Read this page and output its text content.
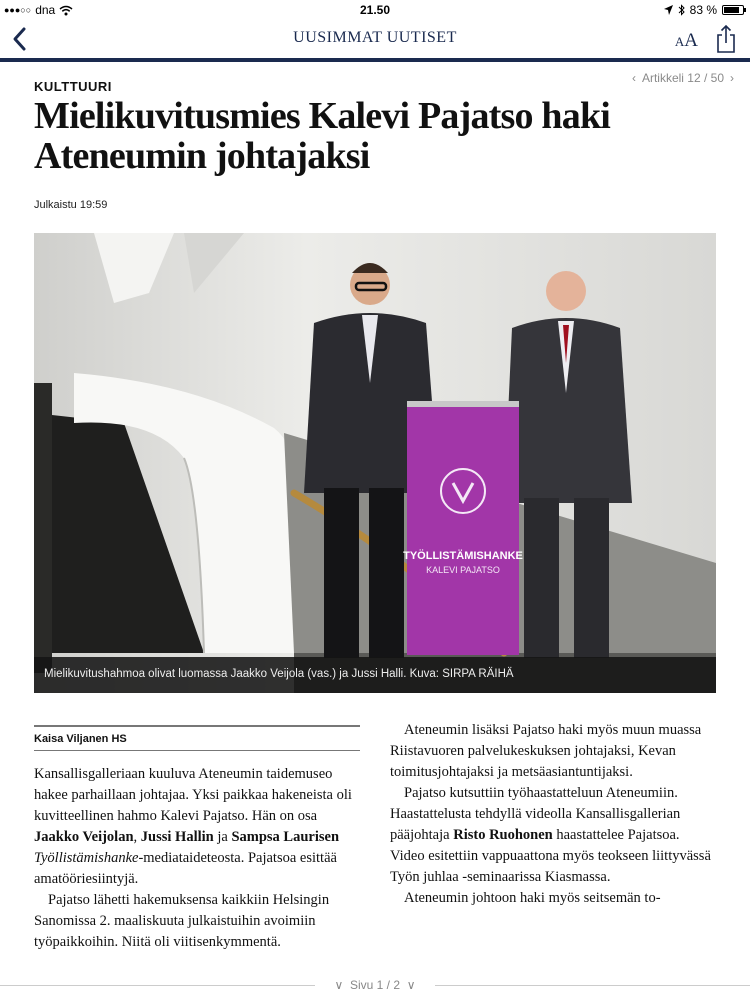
●●●○○ dna	21.50	83 %
UUSIMMAT UUTISET	AA
KULTTUURI
‹ Artikkeli 12 / 50 ›
Mielikuvitusmies Kalevi Pajatso haki Ateneumin johtajaksi
Julkaistu 19:59
TYÖLLISTÄMISHANKE
KALEVI PAJATSO
Mielikuvitushahmoa olivat luomassa Jaakko Veijola (vas.) ja Jussi Halli. Kuva: SIRPA RÄIHÄ
Kaisa Viljanen HS

Kansallisgalleriaan kuuluva Ateneumin taidemuseo hakee parhaillaan johtajaa. Yksi paikkaa hakeneista oli kuvitteellinen hahmo Kalevi Pajatso. Hän on osa Jaakko Veijolan, Jussi Hallin ja Sampsa Laurisen Työllistämishanke-mediataideteosta. Pajatsoa esittää amatööriesiintyjä.

Pajatso lähetti hakemuksensa kaikkiin Helsingin Sanomissa 2. maaliskuuta julkaistuihin avoimiin työpaikkoihin. Niitä oli viitisenkymmentä.

Ateneumin lisäksi Pajatso haki myös muun muassa Riistavuoren palvelukeskuksen johtajaksi, Kevan toimitusjohtajaksi ja metsäasiantuntijaksi.

Pajatso kutsuttiin työhaastatteluun Ateneumiin. Haastattelusta tehdyllä videolla Kansallisgallerian pääjohtaja Risto Ruohonen haastattelee Pajatsoa. Video esitettiin vappuaattona myös teokseen liittyvässä Työn juhlaa -seminaarissa Kiasmassa.

Ateneumin johtoon haki myös seitsemän to-

∨ Sivu 1 / 2 ∨
